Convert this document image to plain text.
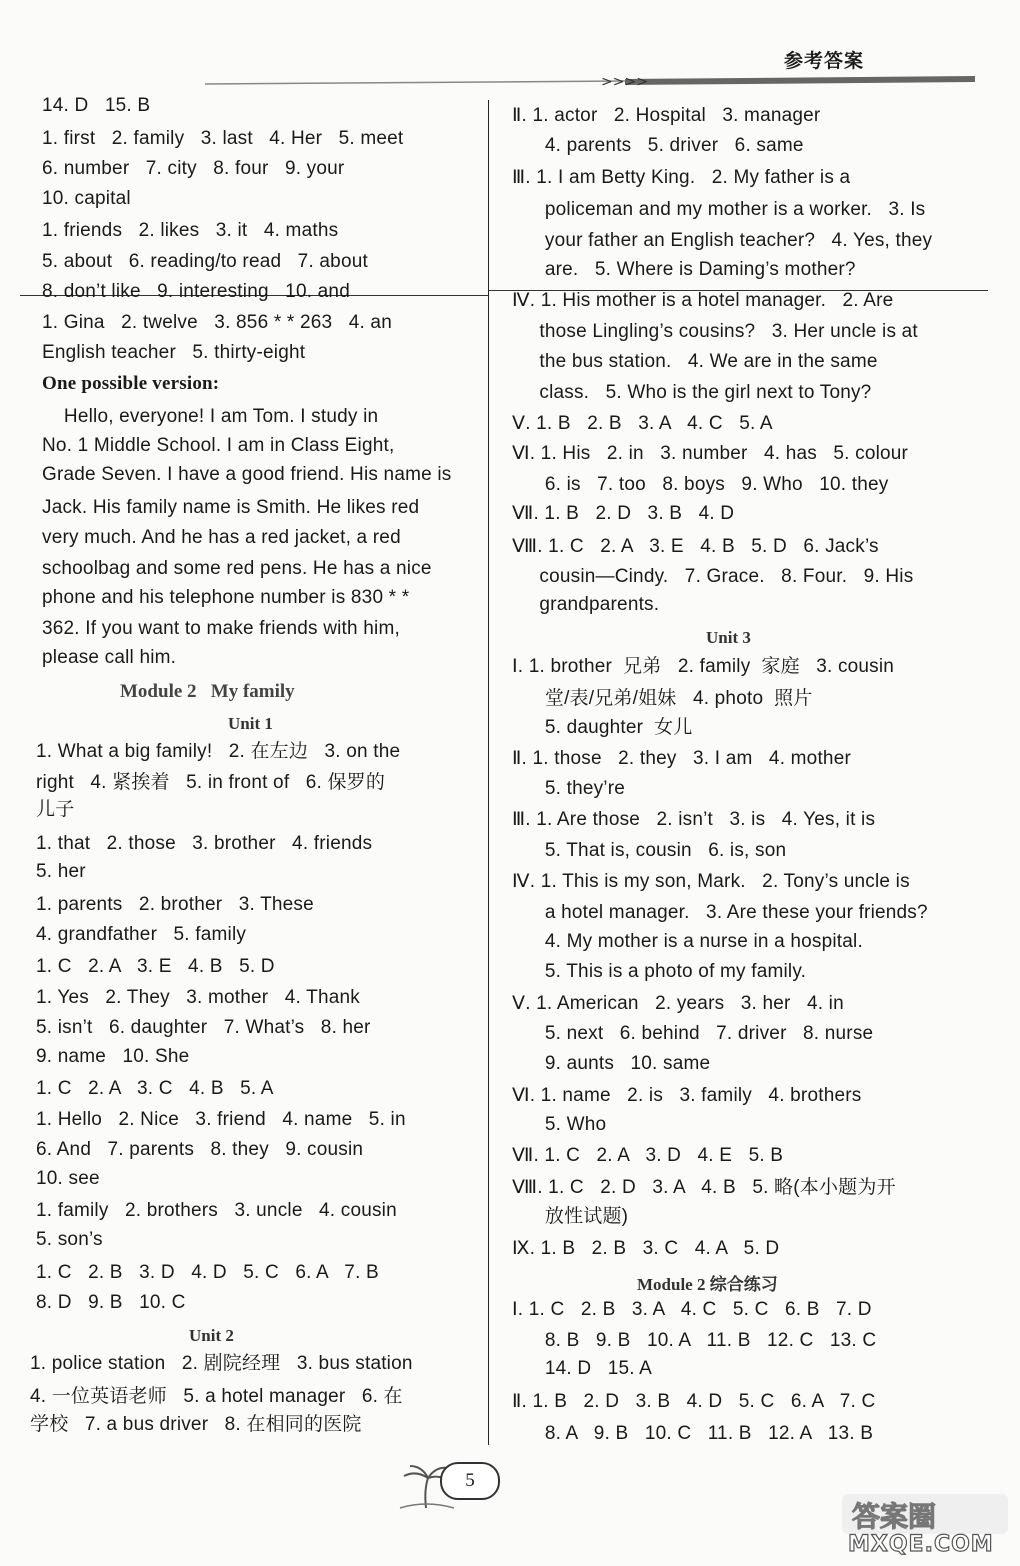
参考答案
>>>>
14. D   15. B
1. first   2. family   3. last   4. Her   5. meet
6. number   7. city   8. four   9. your
10. capital
1. friends   2. likes   3. it   4. maths
5. about   6. reading/to read   7. about
8. don’t like   9. interesting   10. and
1. Gina   2. twelve   3. 856 * * 263   4. an
English teacher   5. thirty-eight
One possible version:
Hello, everyone! I am Tom. I study in
No. 1 Middle School. I am in Class Eight,
Grade Seven. I have a good friend. His name is
Jack. His family name is Smith. He likes red
very much. And he has a red jacket, a red
schoolbag and some red pens. He has a nice
phone and his telephone number is 830 * *
362. If you want to make friends with him,
please call him.
Module 2   My family
Unit 1
1. What a big family!   2. 在左边   3. on the
right   4. 紧挨着   5. in front of   6. 保罗的
儿子
1. that   2. those   3. brother   4. friends
5. her
1. parents   2. brother   3. These
4. grandfather   5. family
1. C   2. A   3. E   4. B   5. D
1. Yes   2. They   3. mother   4. Thank
5. isn’t   6. daughter   7. What’s   8. her
9. name   10. She
1. C   2. A   3. C   4. B   5. A
1. Hello   2. Nice   3. friend   4. name   5. in
6. And   7. parents   8. they   9. cousin
10. see
1. family   2. brothers   3. uncle   4. cousin
5. son’s
1. C   2. B   3. D   4. D   5. C   6. A   7. B
8. D   9. B   10. C
Unit 2
1. police station   2. 剧院经理   3. bus station
4. 一位英语老师   5. a hotel manager   6. 在
学校   7. a bus driver   8. 在相同的医院
Ⅱ. 1. actor   2. Hospital   3. manager
4. parents   5. driver   6. same
Ⅲ. 1. I am Betty King.   2. My father is a
policeman and my mother is a worker.   3. Is
your father an English teacher?   4. Yes, they
are.   5. Where is Daming’s mother?
Ⅳ. 1. His mother is a hotel manager.   2. Are
those Lingling’s cousins?   3. Her uncle is at
the bus station.   4. We are in the same
class.   5. Who is the girl next to Tony?
Ⅴ. 1. B   2. B   3. A   4. C   5. A
Ⅵ. 1. His   2. in   3. number   4. has   5. colour
6. is   7. too   8. boys   9. Who   10. they
Ⅶ. 1. B   2. D   3. B   4. D
Ⅷ. 1. C   2. A   3. E   4. B   5. D   6. Jack’s
cousin—Cindy.   7. Grace.   8. Four.   9. His
grandparents.
Unit 3
Ⅰ. 1. brother  兄弟   2. family  家庭   3. cousin
堂/表/兄弟/姐妹   4. photo  照片
5. daughter  女儿
Ⅱ. 1. those   2. they   3. I am   4. mother
5. they’re
Ⅲ. 1. Are those   2. isn’t   3. is   4. Yes, it is
5. That is, cousin   6. is, son
Ⅳ. 1. This is my son, Mark.   2. Tony’s uncle is
a hotel manager.   3. Are these your friends?
4. My mother is a nurse in a hospital.
5. This is a photo of my family.
Ⅴ. 1. American   2. years   3. her   4. in
5. next   6. behind   7. driver   8. nurse
9. aunts   10. same
Ⅵ. 1. name   2. is   3. family   4. brothers
5. Who
Ⅶ. 1. C   2. A   3. D   4. E   5. B
Ⅷ. 1. C   2. D   3. A   4. B   5. 略(本小题为开
放性试题)
Ⅸ. 1. B   2. B   3. C   4. A   5. D
Module 2 综合练习
Ⅰ. 1. C   2. B   3. A   4. C   5. C   6. B   7. D
8. B   9. B   10. A   11. B   12. C   13. C
14. D   15. A
Ⅱ. 1. B   2. D   3. B   4. D   5. C   6. A   7. C
8. A   9. B   10. C   11. B   12. A   13. B
5
答案圈
MXQE.COM
